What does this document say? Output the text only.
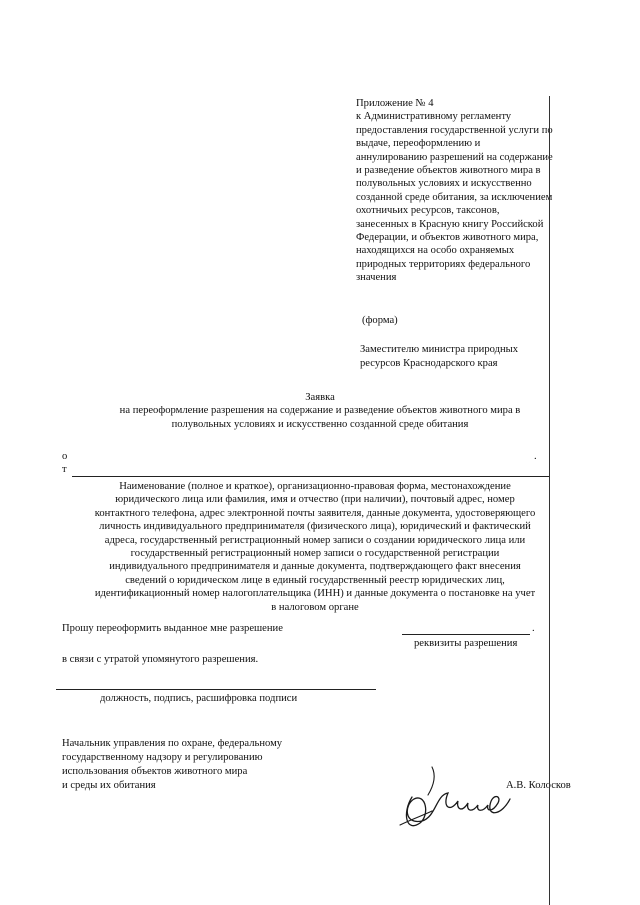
Приложение № 4
к Административному регламенту
предоставления государственной услуги по
выдаче, переоформлению и
аннулированию разрешений на содержание
и разведение объектов животного мира в
полувольных условиях и искусственно
созданной среде обитания, за исключением
охотничьих ресурсов, таксонов,
занесенных в Красную книгу Российской
Федерации, и объектов животного мира,
находящихся на особо охраняемых
природных территориях федерального
значения
(форма)
Заместителю министра природных
ресурсов Краснодарского края
Заявка
на переоформление разрешения на содержание и разведение объектов животного мира в
полувольных условиях и искусственно созданной среде обитания
о	.
т
Наименование (полное и краткое), организационно-правовая форма, местонахождение
юридического лица или фамилия, имя и отчество (при наличии), почтовый адрес, номер
контактного телефона, адрес электронной почты заявителя, данные документа, удостоверяющего
личность индивидуального предпринимателя (физического лица), юридический и фактический
адреса, государственный регистрационный номер записи о создании юридического лица или
государственный регистрационный номер записи о государственной регистрации
индивидуального предпринимателя и данные документа, подтверждающего факт внесения
сведений о юридическом лице в единый государственный реестр юридических лиц,
идентификационный номер налогоплательщика (ИНН) и данные документа о постановке на учет
в налоговом органе
Прошу переоформить выданное мне разрешение	.
реквизиты разрешения
в связи с утратой упомянутого разрешения.
должность, подпись, расшифровка подписи
Начальник управления по охране, федеральному
государственному надзору и регулированию
использования объектов животного мира
и среды их обитания	А.В. Колосков
